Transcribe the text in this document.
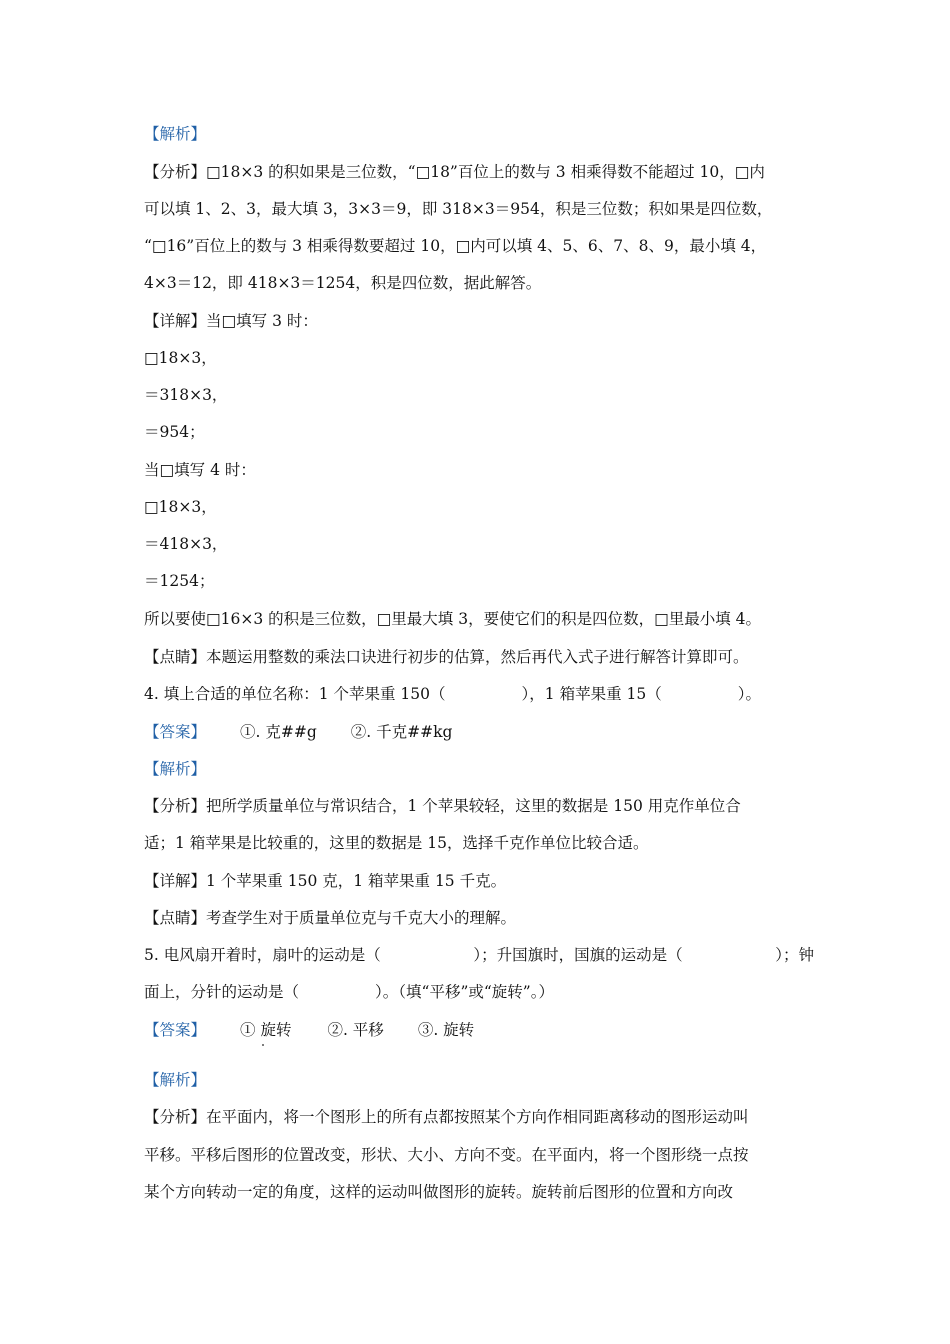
【解析】
【分析】□18×3 的积如果是三位数，“□18”百位上的数与 3 相乘得数不能超过 10，□内
可以填 1、2、3，最大填 3，3×3＝9，即 318×3＝954，积是三位数；积如果是四位数，
“□16”百位上的数与 3 相乘得数要超过 10，□内可以填 4、5、6、7、8、9，最小填 4，
4×3＝12，即 418×3＝1254，积是四位数，据此解答。
【详解】当□填写 3 时：
□18×3，
＝318×3，
＝954；
当□填写 4 时：
□18×3，
＝418×3，
＝1254；
所以要使□16×3 的积是三位数，□里最大填 3，要使它们的积是四位数，□里最小填 4。
【点睛】本题运用整数的乘法口诀进行初步的估算，然后再代入式子进行解答计算即可。
4. 填上合适的单位名称：1 个苹果重 150（	），1 箱苹果重 15（	）。
【答案】 ①. 克##g ②. 千克##kg
【解析】
【分析】把所学质量单位与常识结合，1 个苹果较轻，这里的数据是 150 用克作单位合
适；1 箱苹果是比较重的，这里的数据是 15，选择千克作单位比较合适。
【详解】1 个苹果重 150 克，1 箱苹果重 15 千克。
【点睛】考查学生对于质量单位克与千克大小的理解。
5. 电风扇开着时，扇叶的运动是（	）；升国旗时，国旗的运动是（	）；钟
面上，分针的运动是（	）。（填“平移”或“旋转”。）
【答案】 ① 旋转 ②. 平移 ③. 旋转
【解析】
【分析】在平面内，将一个图形上的所有点都按照某个方向作相同距离移动的图形运动叫
平移。平移后图形的位置改变，形状、大小、方向不变。在平面内，将一个图形绕一点按
某个方向转动一定的角度，这样的运动叫做图形的旋转。旋转前后图形的位置和方向改
